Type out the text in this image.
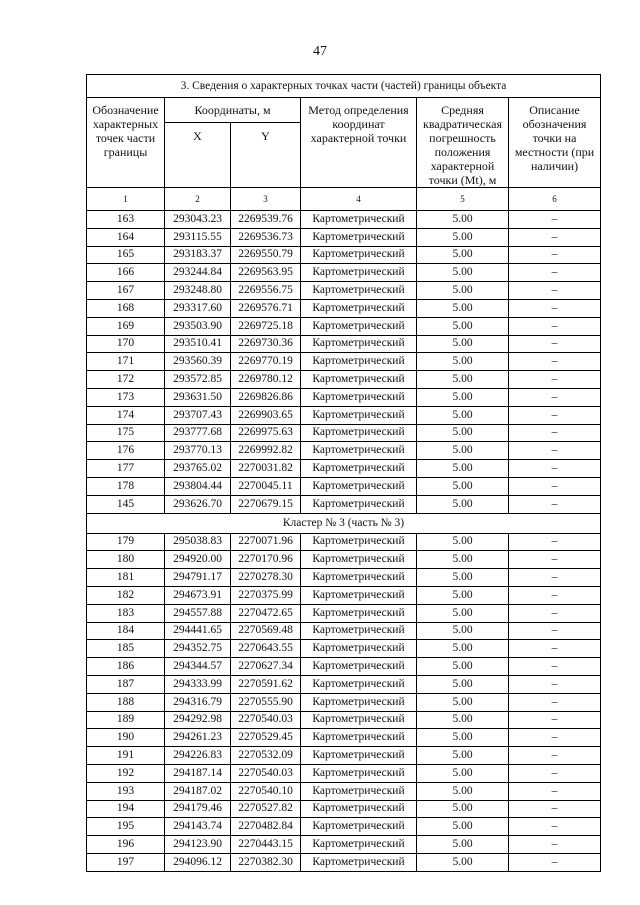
47
3. Сведения о характерных точках части (частей) границы объекта					
Обозначение характерных точек части границы	Координаты, м		Метод определения координат характерной точки	Средняя квадратическая погрешность положения характерной точки (Mt), м	Описание обозначения точки на местности (при наличии)
	X	Y			
1	2	3	4	5	6
163	293043.23	2269539.76	Картометрический	5.00	–
164	293115.55	2269536.73	Картометрический	5.00	–
165	293183.37	2269550.79	Картометрический	5.00	–
166	293244.84	2269563.95	Картометрический	5.00	–
167	293248.80	2269556.75	Картометрический	5.00	–
168	293317.60	2269576.71	Картометрический	5.00	–
169	293503.90	2269725.18	Картометрический	5.00	–
170	293510.41	2269730.36	Картометрический	5.00	–
171	293560.39	2269770.19	Картометрический	5.00	–
172	293572.85	2269780.12	Картометрический	5.00	–
173	293631.50	2269826.86	Картометрический	5.00	–
174	293707.43	2269903.65	Картометрический	5.00	–
175	293777.68	2269975.63	Картометрический	5.00	–
176	293770.13	2269992.82	Картометрический	5.00	–
177	293765.02	2270031.82	Картометрический	5.00	–
178	293804.44	2270045.11	Картометрический	5.00	–
145	293626.70	2270679.15	Картометрический	5.00	–
Кластер № 3 (часть № 3)					
179	295038.83	2270071.96	Картометрический	5.00	–
180	294920.00	2270170.96	Картометрический	5.00	–
181	294791.17	2270278.30	Картометрический	5.00	–
182	294673.91	2270375.99	Картометрический	5.00	–
183	294557.88	2270472.65	Картометрический	5.00	–
184	294441.65	2270569.48	Картометрический	5.00	–
185	294352.75	2270643.55	Картометрический	5.00	–
186	294344.57	2270627.34	Картометрический	5.00	–
187	294333.99	2270591.62	Картометрический	5.00	–
188	294316.79	2270555.90	Картометрический	5.00	–
189	294292.98	2270540.03	Картометрический	5.00	–
190	294261.23	2270529.45	Картометрический	5.00	–
191	294226.83	2270532.09	Картометрический	5.00	–
192	294187.14	2270540.03	Картометрический	5.00	–
193	294187.02	2270540.10	Картометрический	5.00	–
194	294179.46	2270527.82	Картометрический	5.00	–
195	294143.74	2270482.84	Картометрический	5.00	–
196	294123.90	2270443.15	Картометрический	5.00	–
197	294096.12	2270382.30	Картометрический	5.00	–
